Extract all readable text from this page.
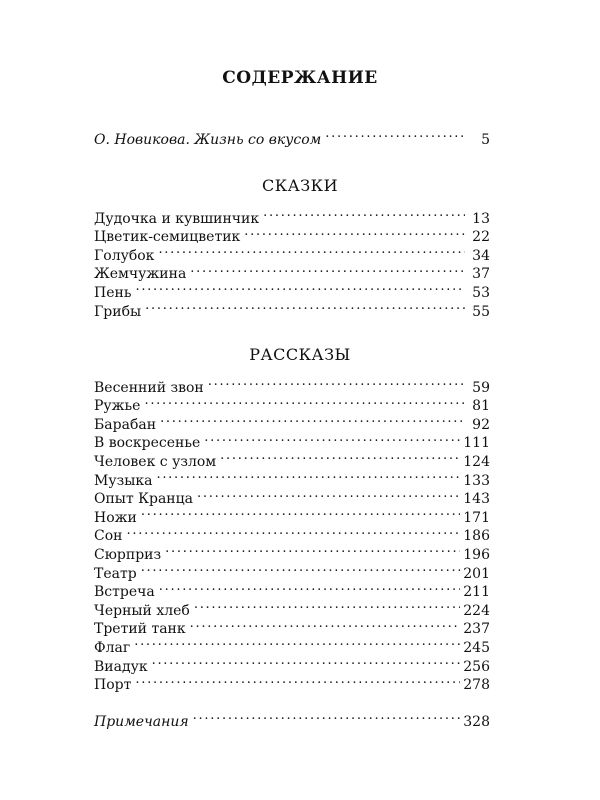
СОДЕРЖАНИЕ
О. Новикова. Жизнь со вкусом . . .	5
СКАЗКИ
Дудочка и кувшинчик . . .	13
Цветик-семицветик . . .	22
Голубок . . .	34
Жемчужина . . .	37
Пень . . .	53
Грибы . . .	55
РАССКАЗЫ
Весенний звон . . .	59
Ружье . . .	81
Барабан . . .	92
В воскресенье . . .	111
Человек с узлом . . .	124
Музыка . . .	133
Опыт Кранца . . .	143
Ножи . . .	171
Сон . . .	186
Сюрприз . . .	196
Театр . . .	201
Встреча . . .	211
Черный хлеб . . .	224
Третий танк . . .	237
Флаг . . .	245
Виадук . . .	256
Порт . . .	278
Примечания . . .	328
